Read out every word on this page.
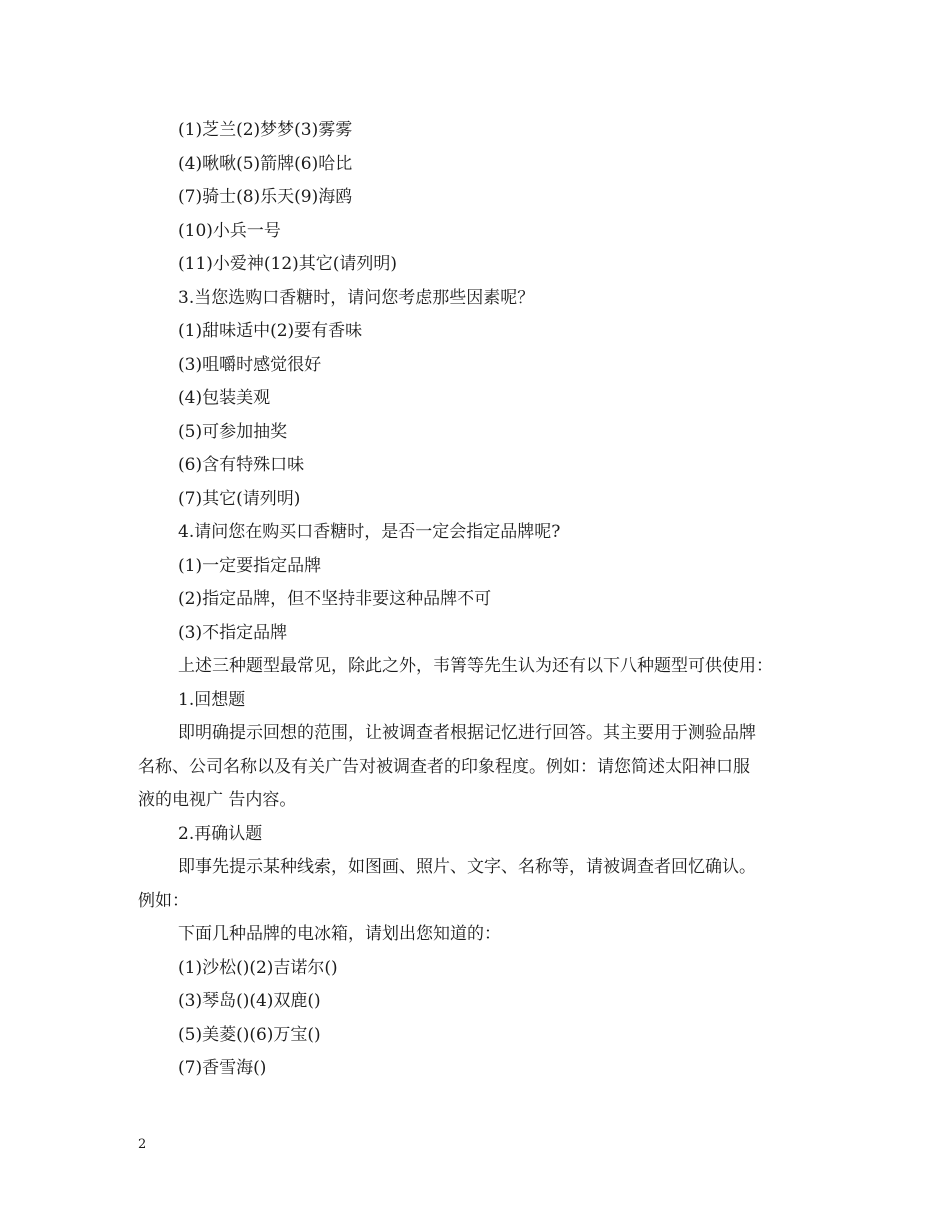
(1)芝兰(2)梦梦(3)雾雾
(4)啾啾(5)箭牌(6)哈比
(7)骑士(8)乐天(9)海鸥
(10)小兵一号
(11)小爱神(12)其它(请列明)
3.当您选购口香糖时，请问您考虑那些因素呢？
(1)甜味适中(2)要有香味
(3)咀嚼时感觉很好
(4)包装美观
(5)可参加抽奖
(6)含有特殊口味
(7)其它(请列明)
4.请问您在购买口香糖时，是否一定会指定品牌呢?
(1)一定要指定品牌
(2)指定品牌，但不坚持非要这种品牌不可
(3)不指定品牌
上述三种题型最常见，除此之外，韦箐等先生认为还有以下八种题型可供使用：
1.回想题
即明确提示回想的范围，让被调查者根据记忆进行回答。其主要用于测验品牌
名称、公司名称以及有关广告对被调查者的印象程度。例如：请您简述太阳神口服
液的电视广 告内容。
2.再确认题
即事先提示某种线索，如图画、照片、文字、名称等，请被调查者回忆确认。
例如：
下面几种品牌的电冰箱，请划出您知道的：
(1)沙松()(2)吉诺尔()
(3)琴岛()(4)双鹿()
(5)美菱()(6)万宝()
(7)香雪海()
2
